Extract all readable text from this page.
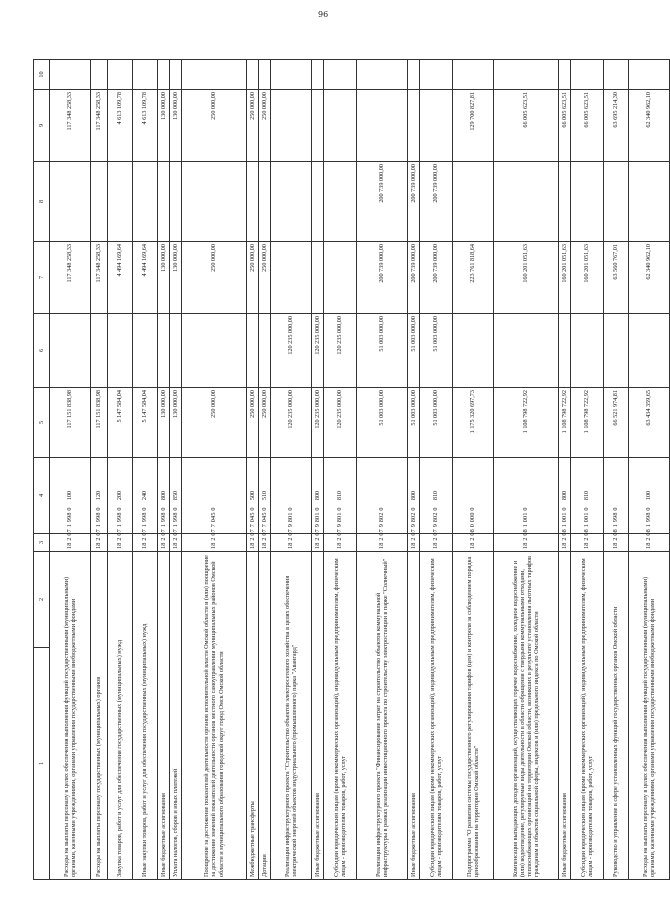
96
1	2	3	4	5	6	7	8	9	10
Расходы на выплаты персоналу в целях обеспечения выполнения функций государственными (муниципальными) органами, казенными учреждениями, органами управления государственными внебюджетными фондами		18 2 07 1 998 0	100	117 151 838,98		117 348 258,33		117 348 258,33	
Расходы на выплаты персоналу государственных (муниципальных) органов		18 2 07 1 998 0	120	117 151 838,98		117 348 258,33		117 348 258,33	
Закупка товаров, работ и услуг для обеспечения государственных (муниципальных) нужд		18 2 07 1 998 0	200	5 147 584,04		4 494 169,64		4 613 109,78	
Иные закупки товаров, работ и услуг для обеспечения государственных (муниципальных) нужд		18 2 07 1 998 0	240	5 147 584,04		4 494 169,64		4 613 109,78	
Иные бюджетные ассигнования		18 2 07 1 998 0	800	130 000,00		130 000,00		130 000,00	
Уплата налогов, сборов и иных платежей		18 2 07 1 998 0	850	130 000,00		130 000,00		130 000,00	
Поощрение за достижение показателей деятельности органов исполнительной власти Омской области и (или) поощрение за достижение значений показателей деятельности органов местного самоуправления муниципальных районов Омской области и муниципального образования городской округ город Омск Омской области		18 2 07 7 045 0		250 000,00		250 000,00		250 000,00	
Межбюджетные трансферты		18 2 07 7 045 0	500	250 000,00		250 000,00		250 000,00	
Дотации		18 2 07 7 045 0	510	250 000,00		250 000,00		250 000,00	
Реализация инфраструктурного проекта "Строительство объектов электросетевого хозяйства в целях обеспечения электрической энергией объектов индустриального (промышленного) парка "Авангард"		18 2 07 9 801 0		120 235 000,00	120 235 000,00				
Иные бюджетные ассигнования		18 2 07 9 801 0	800	120 235 000,00	120 235 000,00				
Субсидии юридическим лицам (кроме некоммерческих организаций), индивидуальным предпринимателям, физическим лицам - производителям товаров, работ, услуг		18 2 07 9 801 0	810	120 235 000,00	120 235 000,00				
Реализация инфраструктурного проекта "Финансирование затрат на строительство объектов коммунальной инфраструктуры в рамках реализации инвестиционного проекта по строительству электростанции в парке "Солнечный"		18 2 07 9 802 0		51 003 000,00	51 003 000,00	200 739 000,00	200 739 000,00		
Иные бюджетные ассигнования		18 2 07 9 802 0	800	51 003 000,00	51 003 000,00	200 739 000,00	200 739 000,00		
Субсидии юридическим лицам (кроме некоммерческих организаций), индивидуальным предпринимателям, физическим лицам - производителям товаров, работ, услуг		18 2 07 9 802 0	810	51 003 000,00	51 003 000,00	200 739 000,00	200 739 000,00		
Подпрограмма "О развитии системы государственного регулирования тарифов (цен) и контроля за соблюдением порядка ценообразования на территории Омской области"		18 2 08 0 000 0		1 175 320 697,73		223 761 818,64		129 700 827,81	
Компенсация выпадающих доходов организаций, осуществляющих горячее водоснабжение, холодное водоснабжение и (или) водоотведение, регулируемые виды деятельности в области обращения с твердыми коммунальными отходами, теплоснабжающих организаций на территории Омской области, возникших в результате установления льготных тарифов гражданам и объектов социальной сферы, индексов и (или) предельного индекса по Омской области		18 2 08 1 001 0		1 108 798 722,92		160 201 051,63		66 005 623,51	
Иные бюджетные ассигнования		18 2 08 1 001 0	800	1 108 798 722,92		160 201 051,63		66 005 623,51	
Субсидии юридическим лицам (кроме некоммерческих организаций), индивидуальным предпринимателям, физическим лицам - производителям товаров, работ, услуг		18 2 08 1 001 0	810	1 108 798 722,92		160 201 051,63		66 005 623,51	
Руководство и управление в сфере установленных функций государственных органов Омской области		18 2 08 1 998 0		66 521 974,81		63 560 767,01		63 695 214,30	
Расходы на выплаты персоналу в целях обеспечения выполнения функций государственными (муниципальными) органами, казенными учреждениями, органами управления государственными внебюджетными фондами		18 2 08 1 998 0	100	63 434 359,65		62 340 962,10		62 340 962,10	
